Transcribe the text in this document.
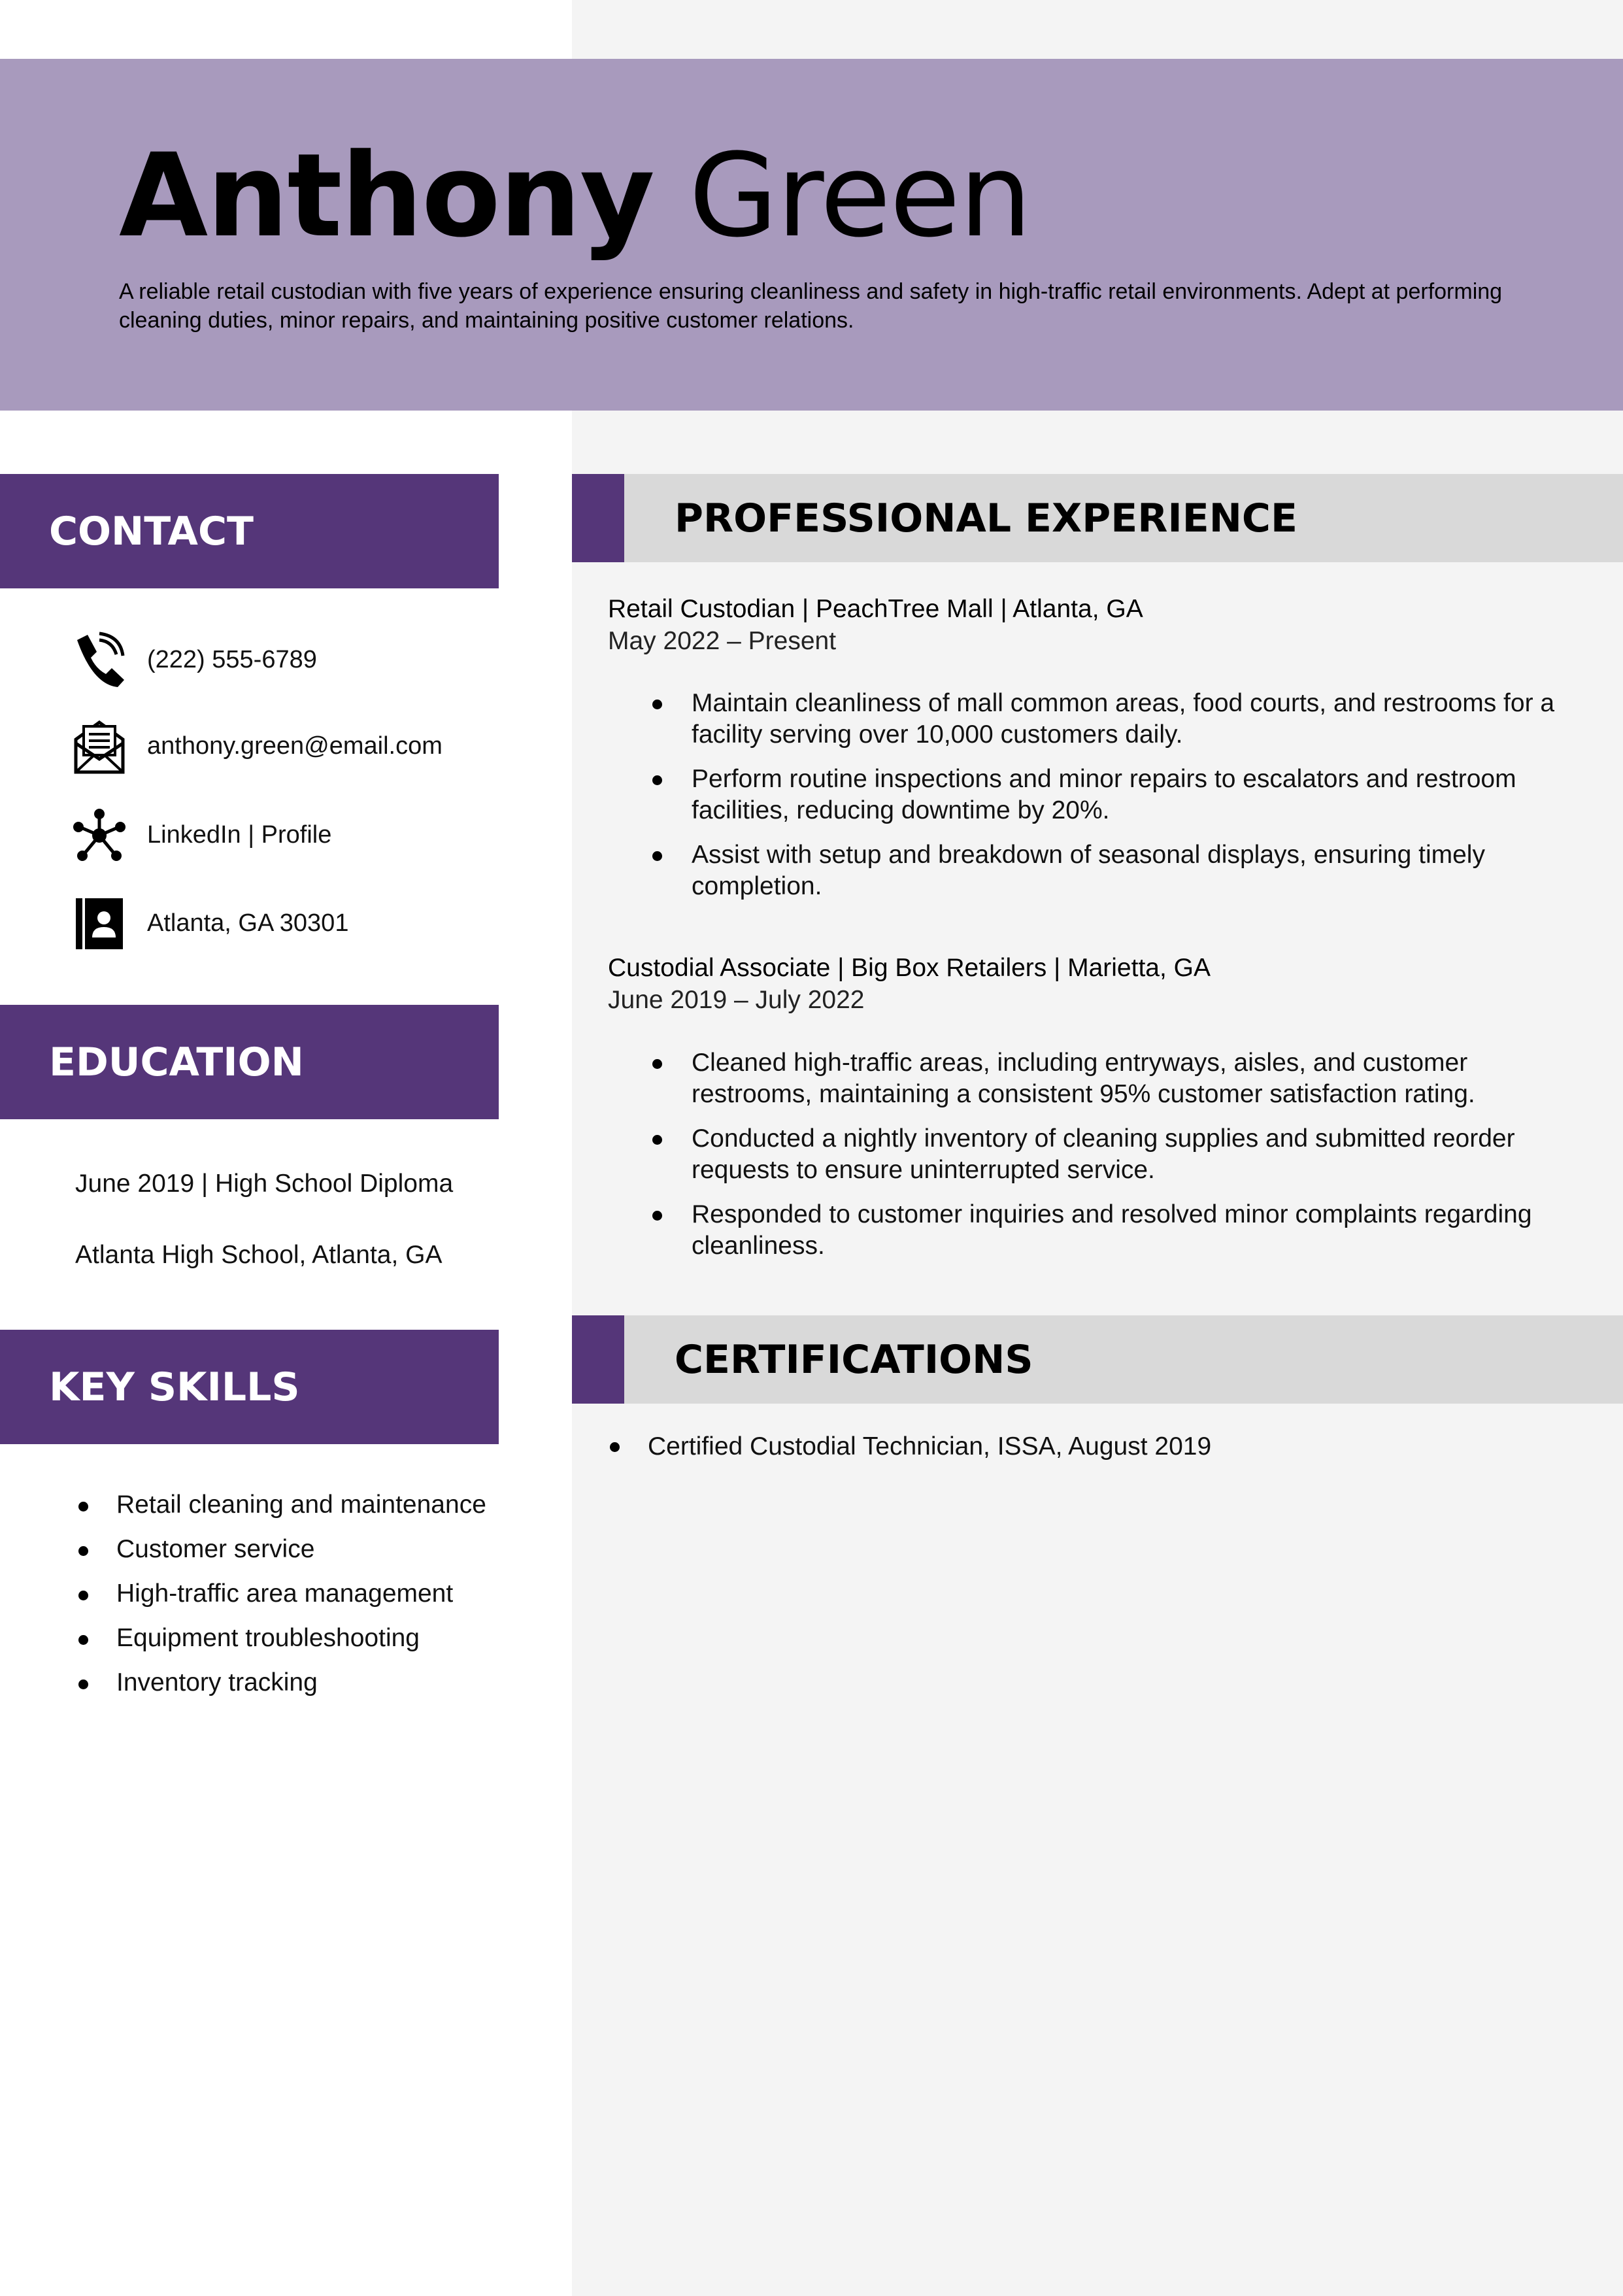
Anthony Green
A reliable retail custodian with five years of experience ensuring cleanliness and safety in high-traffic retail environments. Adept at performing cleaning duties, minor repairs, and maintaining positive customer relations.
CONTACT
(222) 555-6789
anthony.green@email.com
LinkedIn | Profile
Atlanta, GA 30301
EDUCATION
June 2019 | High School Diploma
Atlanta High School, Atlanta, GA
KEY SKILLS
Retail cleaning and maintenance
Customer service
High-traffic area management
Equipment troubleshooting
Inventory tracking
PROFESSIONAL EXPERIENCE
Retail Custodian | PeachTree Mall | Atlanta, GA
May 2022 – Present
Maintain cleanliness of mall common areas, food courts, and restrooms for a facility serving over 10,000 customers daily.
Perform routine inspections and minor repairs to escalators and restroom facilities, reducing downtime by 20%.
Assist with setup and breakdown of seasonal displays, ensuring timely completion.
Custodial Associate | Big Box Retailers | Marietta, GA
June 2019 – July 2022
Cleaned high-traffic areas, including entryways, aisles, and customer restrooms, maintaining a consistent 95% customer satisfaction rating.
Conducted a nightly inventory of cleaning supplies and submitted reorder requests to ensure uninterrupted service.
Responded to customer inquiries and resolved minor complaints regarding cleanliness.
CERTIFICATIONS
Certified Custodial Technician, ISSA, August 2019
